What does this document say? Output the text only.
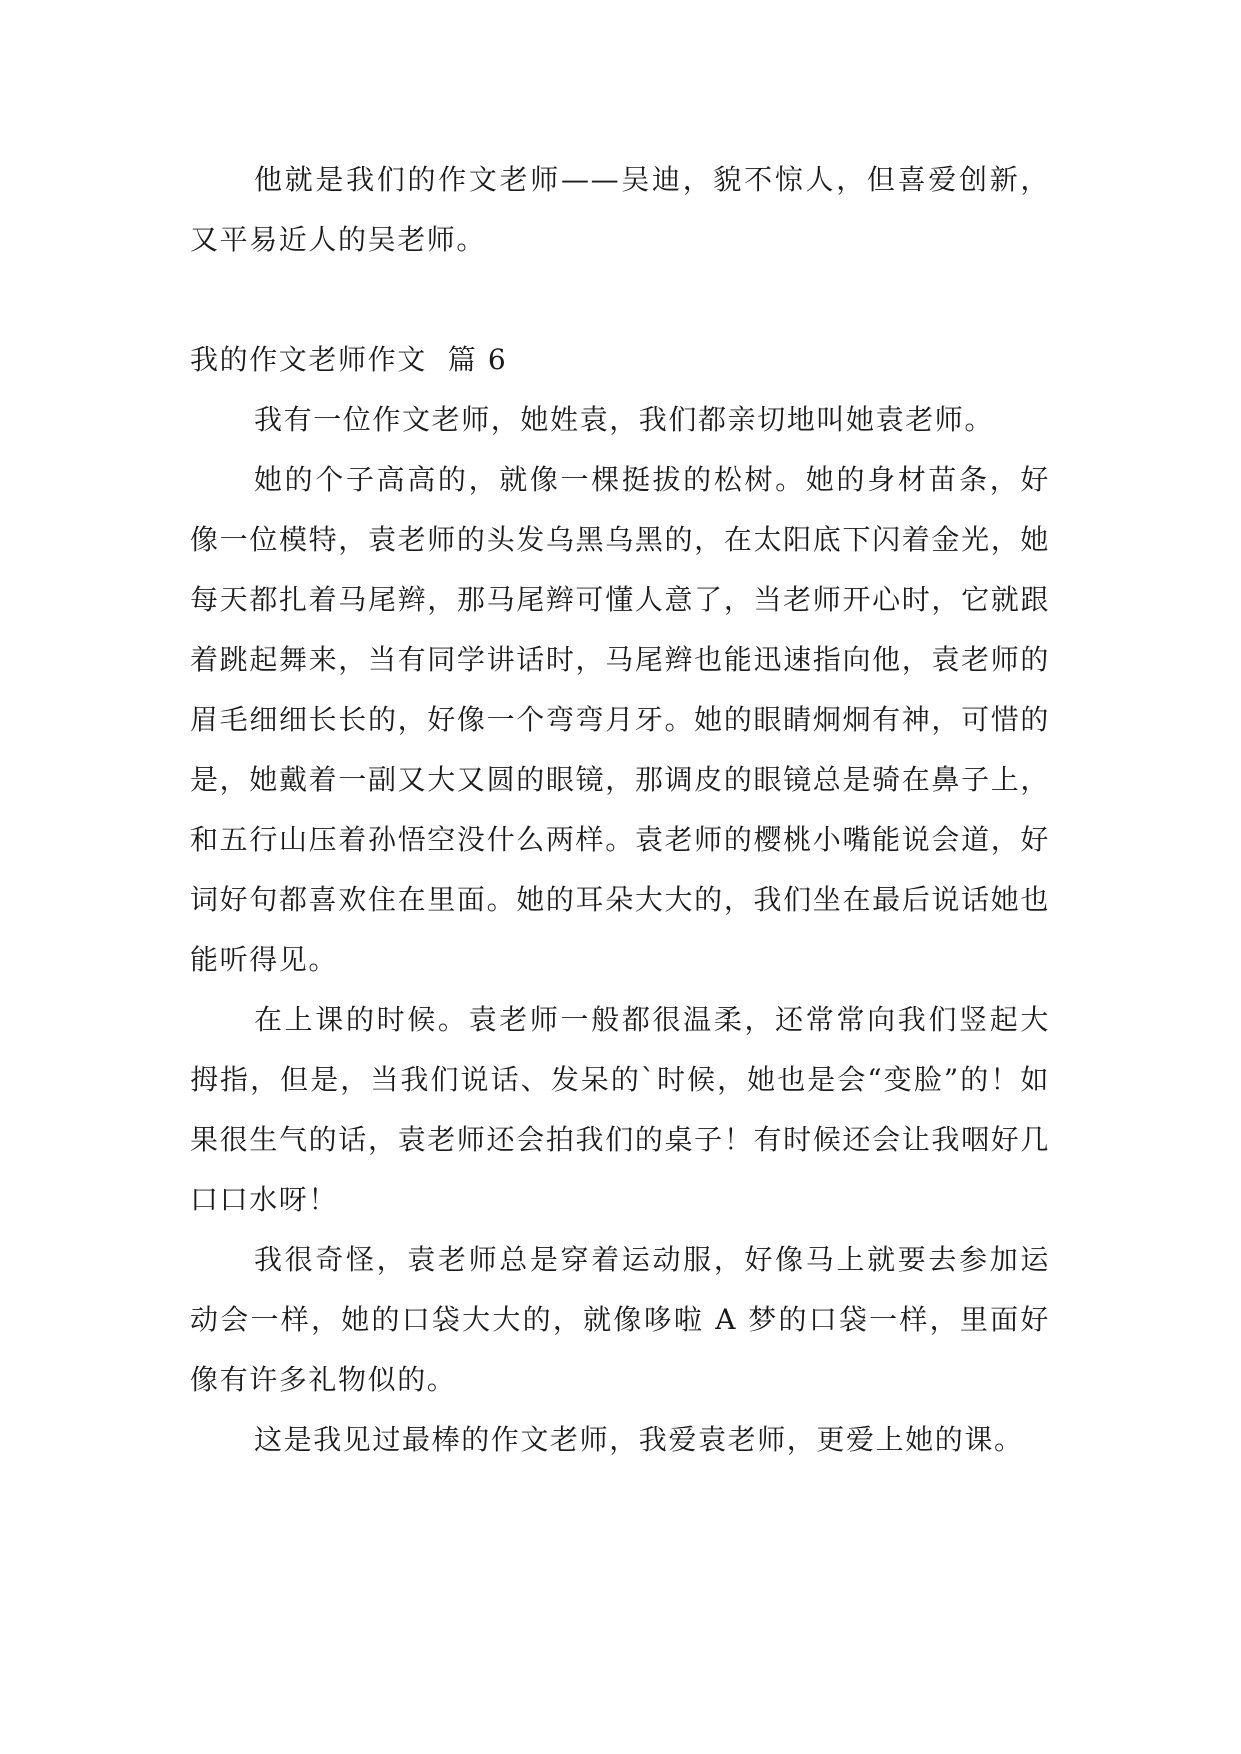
他就是我们的作文老师——吴迪，貌不惊人，但喜爱创新，又平易近人的吴老师。

我的作文老师作文  篇 6

我有一位作文老师，她姓袁，我们都亲切地叫她袁老师。

她的个子高高的，就像一棵挺拔的松树。她的身材苗条，好像一位模特，袁老师的头发乌黑乌黑的，在太阳底下闪着金光，她每天都扎着马尾辫，那马尾辫可懂人意了，当老师开心时，它就跟着跳起舞来，当有同学讲话时，马尾辫也能迅速指向他，袁老师的眉毛细细长长的，好像一个弯弯月牙。她的眼睛炯炯有神，可惜的是，她戴着一副又大又圆的眼镜，那调皮的眼镜总是骑在鼻子上，和五行山压着孙悟空没什么两样。袁老师的樱桃小嘴能说会道，好词好句都喜欢住在里面。她的耳朵大大的，我们坐在最后说话她也能听得见。

在上课的时候。袁老师一般都很温柔，还常常向我们竖起大拇指，但是，当我们说话、发呆的`时候，她也是会“变脸”的！如果很生气的话，袁老师还会拍我们的桌子！有时候还会让我咽好几口口水呀！

我很奇怪，袁老师总是穿着运动服，好像马上就要去参加运动会一样，她的口袋大大的，就像哆啦 A 梦的口袋一样，里面好像有许多礼物似的。

这是我见过最棒的作文老师，我爱袁老师，更爱上她的课。
